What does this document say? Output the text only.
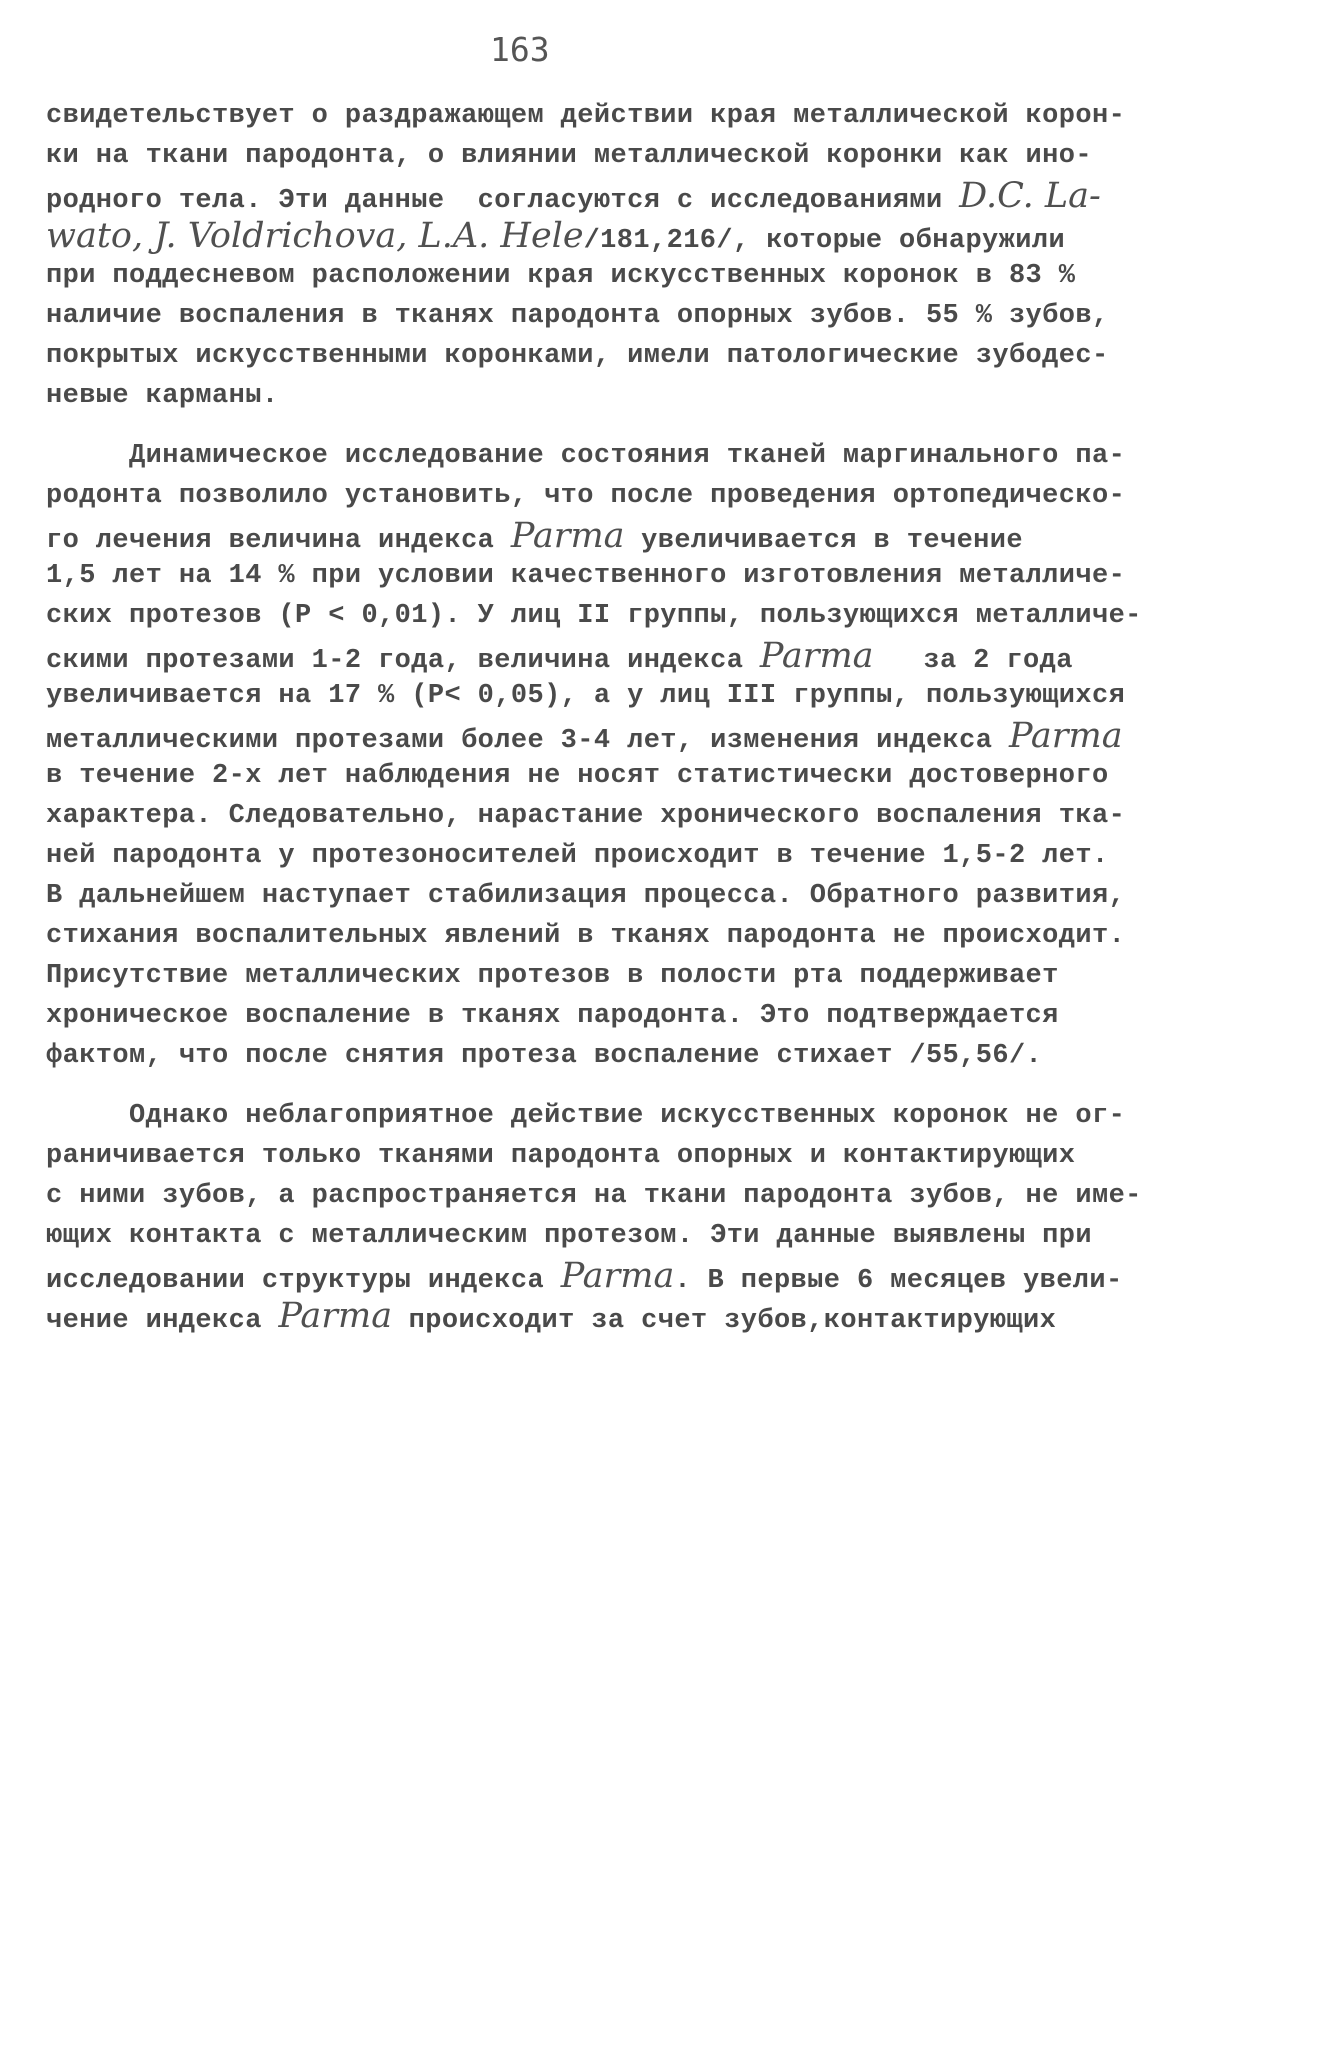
163
свидетельствует о раздражающем действии края металлической корон-
ки на ткани пародонта, о влиянии металлической коронки как ино-
родного тела. Эти данные  согласуются с исследованиями D.C. La-
wato, J. Voldrichova, L.A. Hele/181,216/, которые обнаружили
при поддесневом расположении края искусственных коронок в 83 %
наличие воспаления в тканях пародонта опорных зубов. 55 % зубов,
покрытых искусственными коронками, имели патологические зубодес-
невые карманы.
Динамическое исследование состояния тканей маргинального па-
родонта позволило установить, что после проведения ортопедическо-
го лечения величина индекса Parma увеличивается в течение
1,5 лет на 14 % при условии качественного изготовления металличе-
ских протезов (P < 0,01). У лиц II группы, пользующихся металличе-
скими протезами 1-2 года, величина индекса Parma   за 2 года
увеличивается на 17 % (P< 0,05), а у лиц III группы, пользующихся
металлическими протезами более 3-4 лет, изменения индекса Parma
в течение 2-х лет наблюдения не носят статистически достоверного
характера. Следовательно, нарастание хронического воспаления тка-
ней пародонта у протезоносителей происходит в течение 1,5-2 лет.
В дальнейшем наступает стабилизация процесса. Обратного развития,
стихания воспалительных явлений в тканях пародонта не происходит.
Присутствие металлических протезов в полости рта поддерживает
хроническое воспаление в тканях пародонта. Это подтверждается
фактом, что после снятия протеза воспаление стихает /55,56/.
Однако неблагоприятное действие искусственных коронок не ог-
раничивается только тканями пародонта опорных и контактирующих
с ними зубов, а распространяется на ткани пародонта зубов, не име-
ющих контакта с металлическим протезом. Эти данные выявлены при
исследовании структуры индекса Parma. В первые 6 месяцев увели-
чение индекса Parma происходит за счет зубов,контактирующих
